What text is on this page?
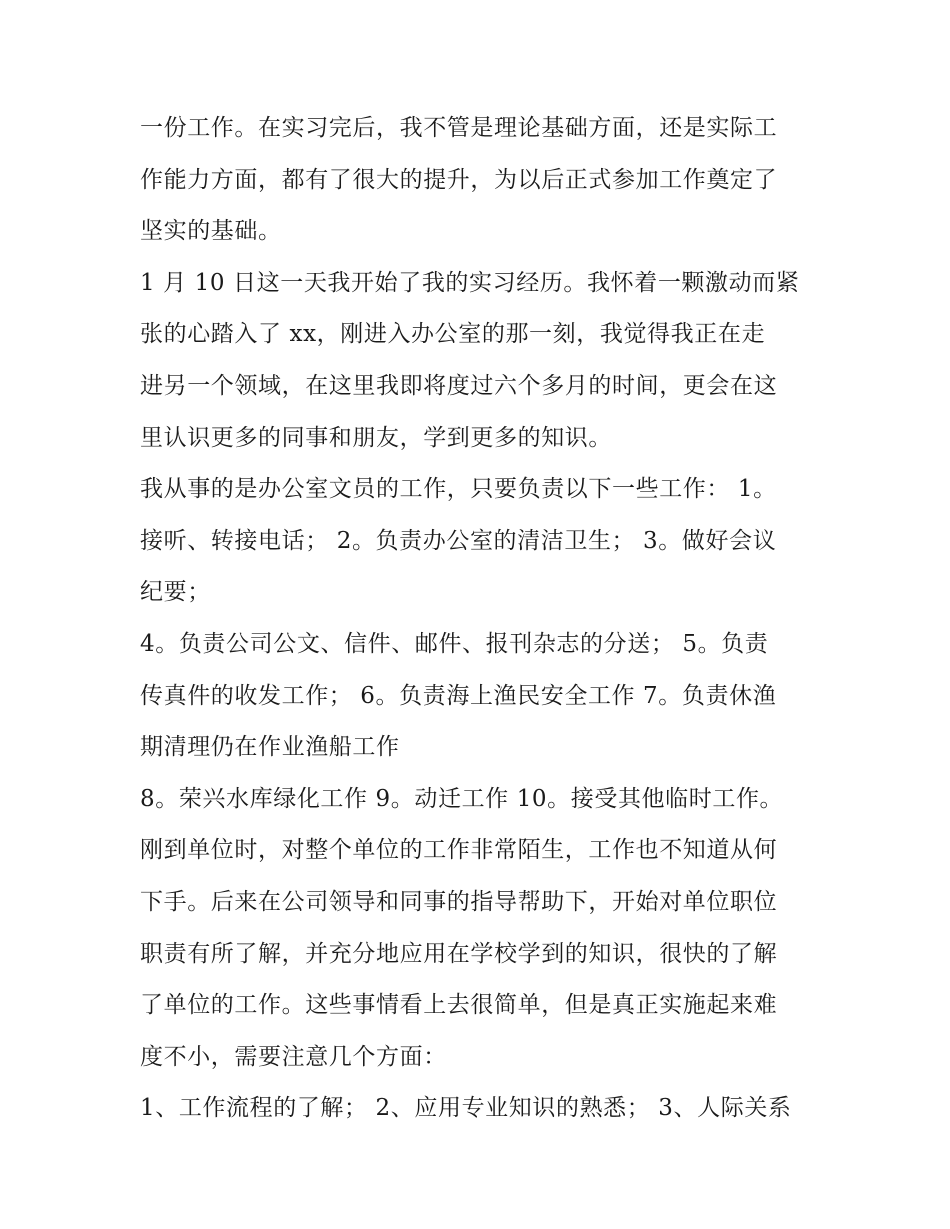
一份工作。在实习完后，我不管是理论基础方面，还是实际工
作能力方面，都有了很大的提升，为以后正式参加工作奠定了
坚实的基础。
1 月 10 日这一天我开始了我的实习经历。我怀着一颗激动而紧
张的心踏入了 xx，刚进入办公室的那一刻，我觉得我正在走
进另一个领域，在这里我即将度过六个多月的时间，更会在这
里认识更多的同事和朋友，学到更多的知识。
我从事的是办公室文员的工作，只要负责以下一些工作： 1。
接听、转接电话； 2。负责办公室的清洁卫生； 3。做好会议
纪要；
4。负责公司公文、信件、邮件、报刊杂志的分送； 5。负责
传真件的收发工作； 6。负责海上渔民安全工作 7。负责休渔
期清理仍在作业渔船工作
8。荣兴水库绿化工作 9。动迁工作 10。接受其他临时工作。
刚到单位时，对整个单位的工作非常陌生，工作也不知道从何
下手。后来在公司领导和同事的指导帮助下，开始对单位职位
职责有所了解，并充分地应用在学校学到的知识，很快的了解
了单位的工作。这些事情看上去很简单，但是真正实施起来难
度不小，需要注意几个方面：
1、工作流程的了解； 2、应用专业知识的熟悉； 3、人际关系
